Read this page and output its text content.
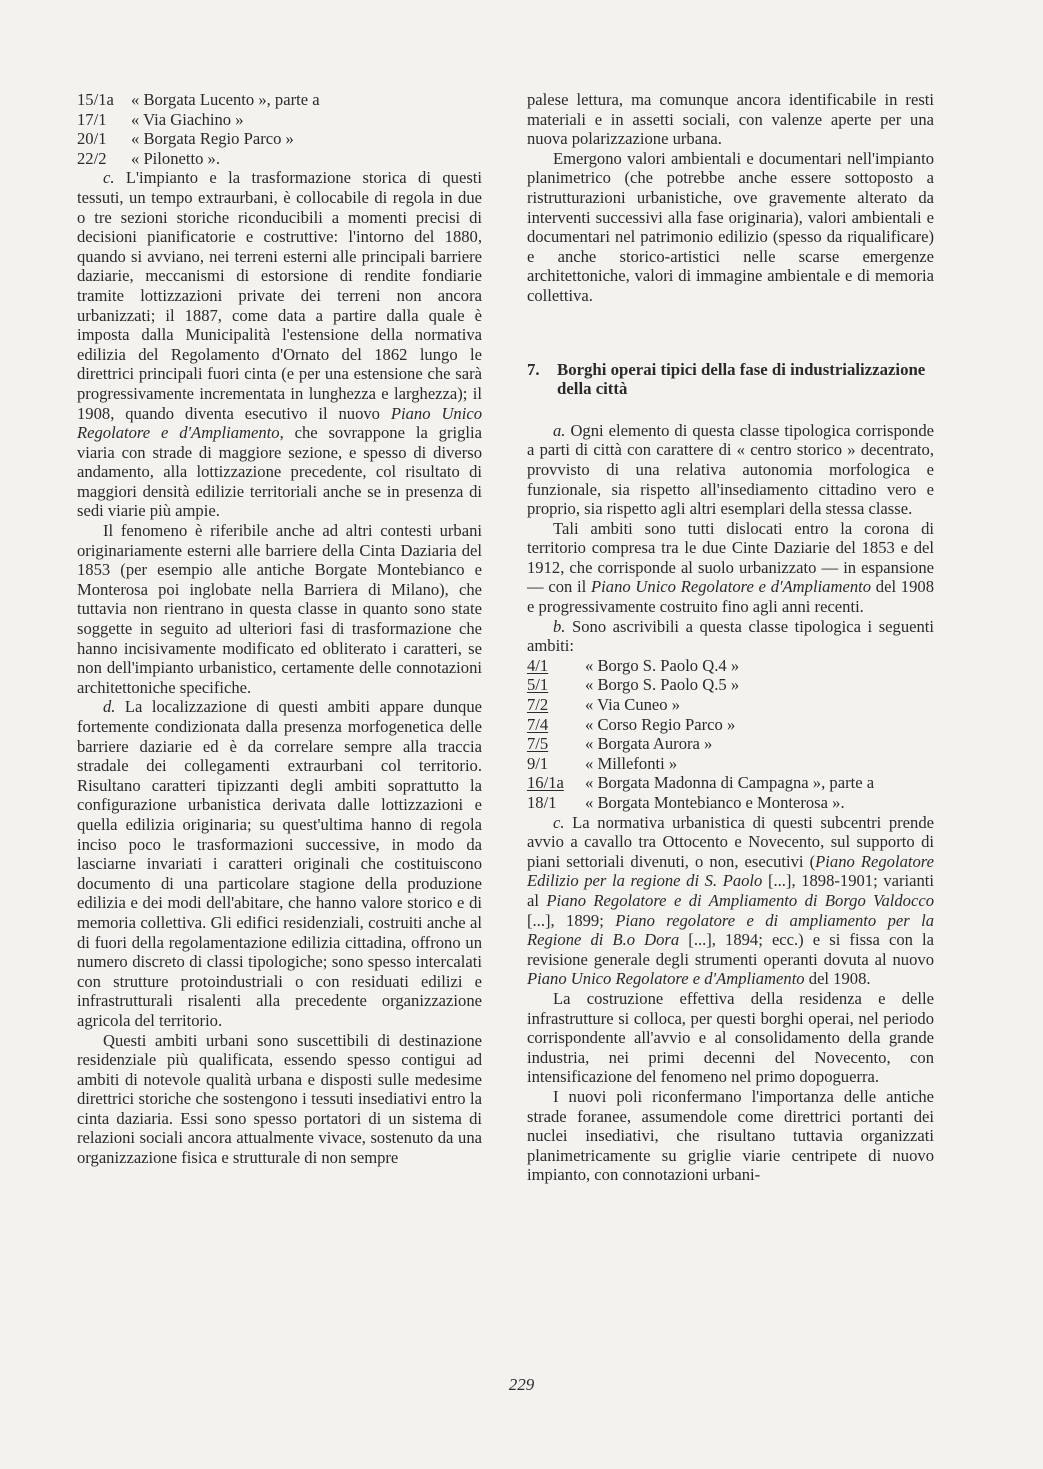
15/1a	« Borgata Lucento », parte a
17/1	« Via Giachino »
20/1	« Borgata Regio Parco »
22/2	« Pilonetto ».

c. L'impianto e la trasformazione storica di questi tessuti, un tempo extraurbani, è collocabile di regola in due o tre sezioni storiche riconducibili a momenti precisi di decisioni pianificatorie e costruttive: l'intorno del 1880, quando si avviano, nei terreni esterni alle principali barriere daziarie, meccanismi di estorsione di rendite fondiarie tramite lottizzazioni private dei terreni non ancora urbanizzati; il 1887, come data a partire dalla quale è imposta dalla Municipalità l'estensione della normativa edilizia del Regolamento d'Ornato del 1862 lungo le direttrici principali fuori cinta (e per una estensione che sarà progressivamente incrementata in lunghezza e larghezza); il 1908, quando diventa esecutivo il nuovo Piano Unico Regolatore e d'Ampliamento, che sovrappone la griglia viaria con strade di maggiore sezione, e spesso di diverso andamento, alla lottizzazione precedente, col risultato di maggiori densità edilizie territoriali anche se in presenza di sedi viarie più ampie.

Il fenomeno è riferibile anche ad altri contesti urbani originariamente esterni alle barriere della Cinta Daziaria del 1853 (per esempio alle antiche Borgate Montebianco e Monterosa poi inglobate nella Barriera di Milano), che tuttavia non rientrano in questa classe in quanto sono state soggette in seguito ad ulteriori fasi di trasformazione che hanno incisivamente modificato ed obliterato i caratteri, se non dell'impianto urbanistico, certamente delle connotazioni architettoniche specifiche.

d. La localizzazione di questi ambiti appare dunque fortemente condizionata dalla presenza morfogenetica delle barriere daziarie ed è da correlare sempre alla traccia stradale dei collegamenti extraurbani col territorio. Risultano caratteri tipizzanti degli ambiti soprattutto la configurazione urbanistica derivata dalle lottizzazioni e quella edilizia originaria; su quest'ultima hanno di regola inciso poco le trasformazioni successive, in modo da lasciarne invariati i caratteri originali che costituiscono documento di una particolare stagione della produzione edilizia e dei modi dell'abitare, che hanno valore storico e di memoria collettiva. Gli edifici residenziali, costruiti anche al di fuori della regolamentazione edilizia cittadina, offrono un numero discreto di classi tipologiche; sono spesso intercalati con strutture protoindustriali o con residuati edilizi e infrastrutturali risalenti alla precedente organizzazione agricola del territorio.

Questi ambiti urbani sono suscettibili di destinazione residenziale più qualificata, essendo spesso contigui ad ambiti di notevole qualità urbana e disposti sulle medesime direttrici storiche che sostengono i tessuti insediativi entro la cinta daziaria. Essi sono spesso portatori di un sistema di relazioni sociali ancora attualmente vivace, sostenuto da una organizzazione fisica e strutturale di non sempre

palese lettura, ma comunque ancora identificabile in resti materiali e in assetti sociali, con valenze aperte per una nuova polarizzazione urbana.

Emergono valori ambientali e documentari nell'impianto planimetrico (che potrebbe anche essere sottoposto a ristrutturazioni urbanistiche, ove gravemente alterato da interventi successivi alla fase originaria), valori ambientali e documentari nel patrimonio edilizio (spesso da riqualificare) e anche storico-artistici nelle scarse emergenze architettoniche, valori di immagine ambientale e di memoria collettiva.

7.	Borghi operai tipici della fase di industrializzazione della città

a. Ogni elemento di questa classe tipologica corrisponde a parti di città con carattere di « centro storico » decentrato, provvisto di una relativa autonomia morfologica e funzionale, sia rispetto all'insediamento cittadino vero e proprio, sia rispetto agli altri esemplari della stessa classe.

Tali ambiti sono tutti dislocati entro la corona di territorio compresa tra le due Cinte Daziarie del 1853 e del 1912, che corrisponde al suolo urbanizzato — in espansione — con il Piano Unico Regolatore e d'Ampliamento del 1908 e progressivamente costruito fino agli anni recenti.

b. Sono ascrivibili a questa classe tipologica i seguenti ambiti:

4/1	« Borgo S. Paolo Q.4 »
5/1	« Borgo S. Paolo Q.5 »
7/2	« Via Cuneo »
7/4	« Corso Regio Parco »
7/5	« Borgata Aurora »
9/1	« Millefonti »
16/1a	« Borgata Madonna di Campagna », parte a
18/1	« Borgata Montebianco e Monterosa ».

c. La normativa urbanistica di questi subcentri prende avvio a cavallo tra Ottocento e Novecento, sul supporto di piani settoriali divenuti, o non, esecutivi (Piano Regolatore Edilizio per la regione di S. Paolo [...], 1898-1901; varianti al Piano Regolatore e di Ampliamento di Borgo Valdocco [...], 1899; Piano regolatore e di ampliamento per la Regione di B.o Dora [...], 1894; ecc.) e si fissa con la revisione generale degli strumenti operanti dovuta al nuovo Piano Unico Regolatore e d'Ampliamento del 1908.

La costruzione effettiva della residenza e delle infrastrutture si colloca, per questi borghi operai, nel periodo corrispondente all'avvio e al consolidamento della grande industria, nei primi decenni del Novecento, con intensificazione del fenomeno nel primo dopoguerra.

I nuovi poli riconfermano l'importanza delle antiche strade foranee, assumendole come direttrici portanti dei nuclei insediativi, che risultano tuttavia organizzati planimetricamente su griglie viarie centripete di nuovo impianto, con connotazioni urbani-

229
